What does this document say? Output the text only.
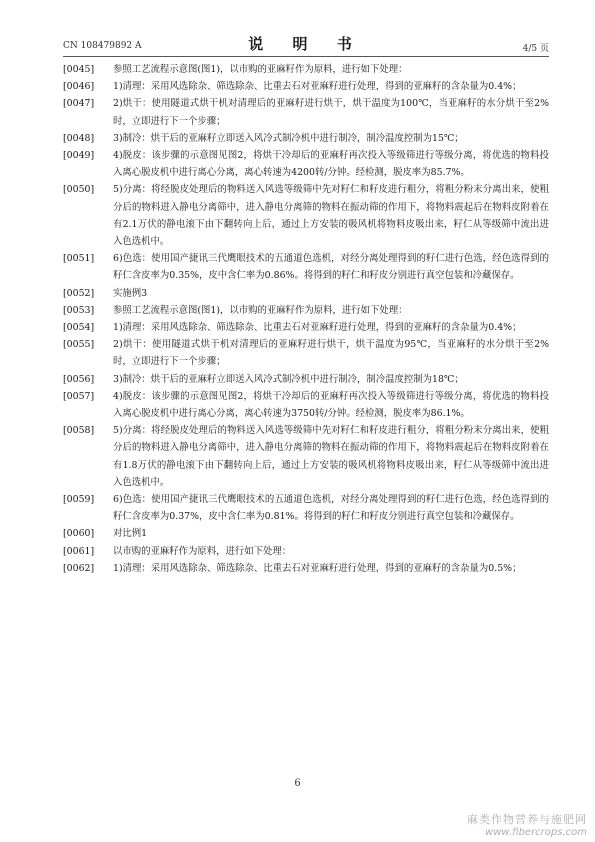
CN 108479892 A	说 明 书	4/5 页

[0045] 参照工艺流程示意图(图1)，以市购的亚麻籽作为原料，进行如下处理：

[0046] 1)清理：采用风选除杂、筛选除杂、比重去石对亚麻籽进行处理，得到的亚麻籽的含杂量为0.4%；

[0047] 2)烘干：使用隧道式烘干机对清理后的亚麻籽进行烘干，烘干温度为100℃，当亚麻籽的水分烘干至2%时，立即进行下一个步骤；

[0048] 3)制冷：烘干后的亚麻籽立即送入风冷式制冷机中进行制冷，制冷温度控制为15℃；

[0049] 4)脱皮：该步骤的示意图见图2，将烘干冷却后的亚麻籽再次投入等级筛进行等级分离，将优选的物料投入离心脱皮机中进行离心分离，离心转速为4200转/分钟。经检测，脱皮率为85.7%。

[0050] 5)分离：将经脱皮处理后的物料送入风选等级筛中先对籽仁和籽皮进行粗分，将粗分粉末分离出来，使粗分后的物料进入静电分离筛中，进入静电分离筛的物料在振动筛的作用下，将物料震起后在物料皮附着在有2.1万伏的静电滚下由下翻转向上后，通过上方安装的吸风机将物料皮吸出来，籽仁从等级筛中流出进入色选机中。

[0051] 6)色选：使用国产捷讯三代鹰眼技术的五通道色选机，对经分离处理得到的籽仁进行色选，经色选得到的籽仁含皮率为0.35%，皮中含仁率为0.86%。将得到的籽仁和籽皮分别进行真空包装和冷藏保存。

[0052] 实施例3

[0053] 参照工艺流程示意图(图1)，以市购的亚麻籽作为原料，进行如下处理：

[0054] 1)清理：采用风选除杂、筛选除杂、比重去石对亚麻籽进行处理，得到的亚麻籽的含杂量为0.4%；

[0055] 2)烘干：使用隧道式烘干机对清理后的亚麻籽进行烘干，烘干温度为95℃，当亚麻籽的水分烘干至2%时，立即进行下一个步骤；

[0056] 3)制冷：烘干后的亚麻籽立即送入风冷式制冷机中进行制冷，制冷温度控制为18℃；

[0057] 4)脱皮：该步骤的示意图见图2，将烘干冷却后的亚麻籽再次投入等级筛进行等级分离，将优选的物料投入离心脱皮机中进行离心分离，离心转速为3750转/分钟。经检测，脱皮率为86.1%。

[0058] 5)分离：将经脱皮处理后的物料送入风选等级筛中先对籽仁和籽皮进行粗分，将粗分粉末分离出来，使粗分后的物料进入静电分离筛中，进入静电分离筛的物料在振动筛的作用下，将物料震起后在物料皮附着在有1.8万伏的静电滚下由下翻转向上后，通过上方安装的吸风机将物料皮吸出来，籽仁从等级筛中流出进入色选机中。

[0059] 6)色选：使用国产捷讯三代鹰眼技术的五通道色选机，对经分离处理得到的籽仁进行色选，经色选得到的籽仁含皮率为0.37%，皮中含仁率为0.81%。将得到的籽仁和籽皮分别进行真空包装和冷藏保存。

[0060] 对比例1

[0061] 以市购的亚麻籽作为原料，进行如下处理：

[0062] 1)清理：采用风选除杂、筛选除杂、比重去石对亚麻籽进行处理，得到的亚麻籽的含杂量为0.5%；

6
麻类作物营养与施肥网
www.fibercrops.com
